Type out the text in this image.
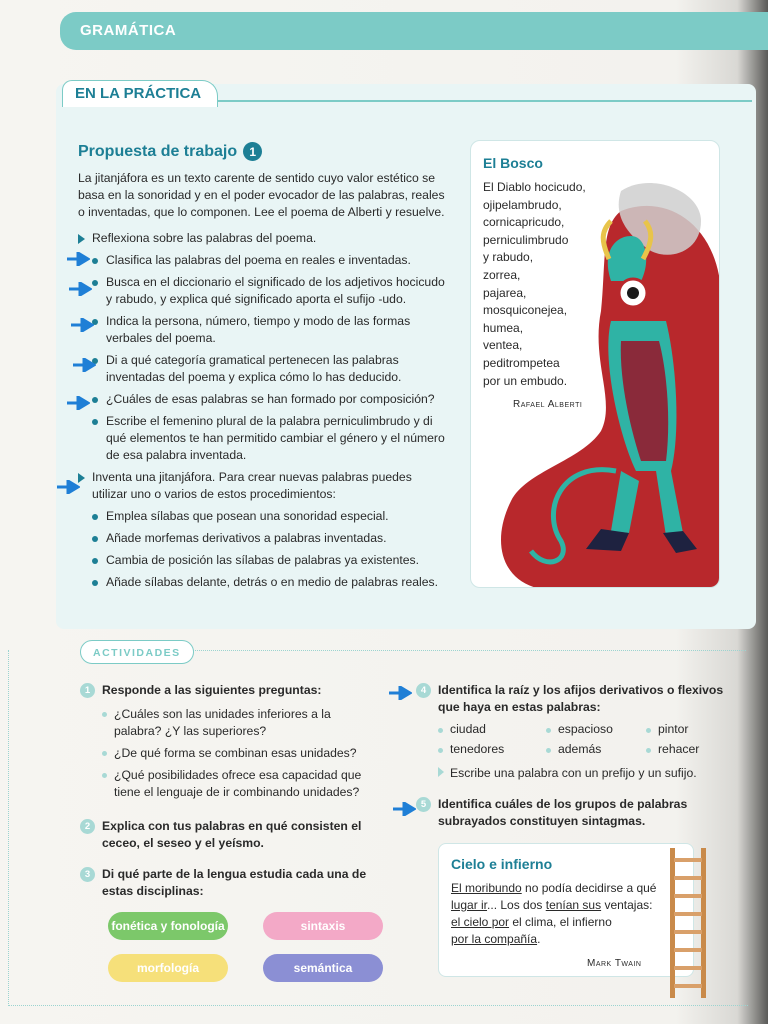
GRAMÁTICA
EN LA PRÁCTICA
Propuesta de trabajo	1

La jitanjáfora es un texto carente de sentido cuyo valor estético se basa en la sonoridad y en el poder evocador de las palabras, reales o inventadas, que lo componen. Lee el poema de Alberti y resuelve.

Reflexiona sobre las palabras del poema.
Clasifica las palabras del poema en reales e inventadas.
Busca en el diccionario el significado de los adjetivos hocicudo y rabudo, y explica qué significado aporta el sufijo -udo.
Indica la persona, número, tiempo y modo de las formas verbales del poema.
Di a qué categoría gramatical pertenecen las palabras inventadas del poema y explica cómo lo has deducido.
¿Cuáles de esas palabras se han formado por composición?
Escribe el femenino plural de la palabra perniculimbrudo y di qué elementos te han permitido cambiar el género y el número de esa palabra inventada.
Inventa una jitanjáfora. Para crear nuevas palabras puedes utilizar uno o varios de estos procedimientos:
Emplea sílabas que posean una sonoridad especial.
Añade morfemas derivativos a palabras inventadas.
Cambia de posición las sílabas de palabras ya existentes.
Añade sílabas delante, detrás o en medio de palabras reales.
El Bosco
El Diablo hocicudo,
ojipelambrudo,
cornicapricudo,
perniculimbrudo
y rabudo,
zorrea,
pajarea,
mosquiconejea,
humea,
ventea,
peditrompetea
por un embudo.
Rafael Alberti
ACTIVIDADES
1 Responde a las siguientes preguntas:
¿Cuáles son las unidades inferiores a la palabra? ¿Y las superiores?
¿De qué forma se combinan esas unidades?
¿Qué posibilidades ofrece esa capacidad que tiene el lenguaje de ir combinando unidades?
2 Explica con tus palabras en qué consisten el ceceo, el seseo y el yeísmo.
3 Di qué parte de la lengua estudia cada una de estas disciplinas:
fonética y fonología	sintaxis
morfología	semántica
4 Identifica la raíz y los afijos derivativos o flexivos que haya en estas palabras:
ciudad	espacioso	pintor
tenedores	además	rehacer
Escribe una palabra con un prefijo y un sufijo.
5 Identifica cuáles de los grupos de palabras subrayados constituyen sintagmas.
Cielo e infierno
El moribundo no podía decidirse a qué
lugar ir... Los dos tenían sus ventajas:
el cielo por el clima, el infierno
por la compañía.
Mark Twain
